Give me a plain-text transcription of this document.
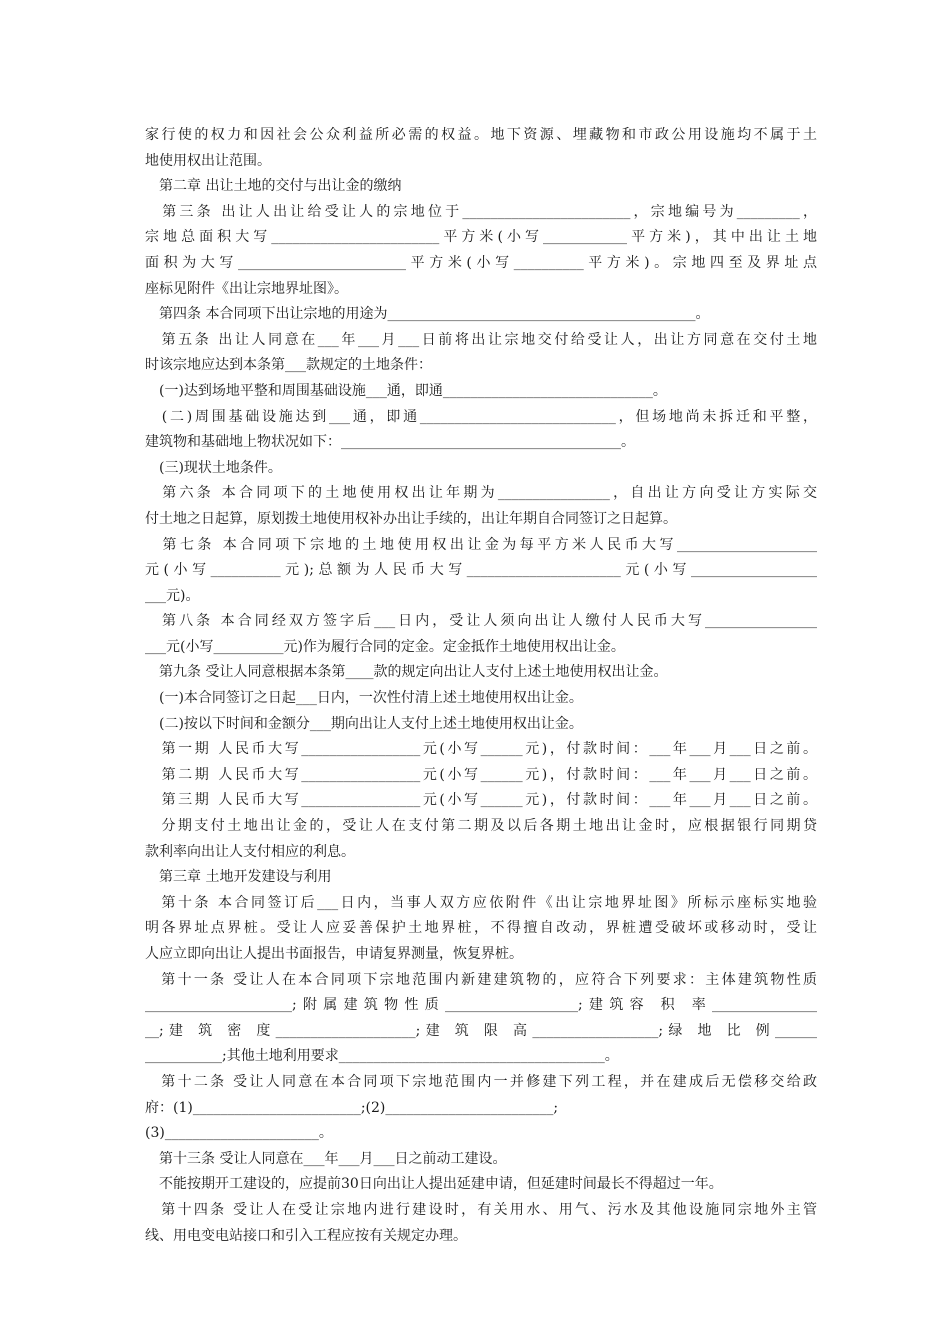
家行使的权力和因社会公众利益所必需的权益。地下资源、埋藏物和市政公用设施均不属于土
地使用权出让范围。
　第二章 出让土地的交付与出让金的缴纳
　第三条 出让人出让给受让人的宗地位于________________________，宗地编号为_________，
宗地总面积大写________________________平方米(小写____________平方米)，其中出让土地
面积为大写________________________平方米(小写__________平方米)。宗地四至及界址点
座标见附件《出让宗地界址图》。
　第四条 本合同项下出让宗地的用途为____________________________________________。
　第五条 出让人同意在___年___月___日前将出让宗地交付给受让人，出让方同意在交付土地
时该宗地应达到本条第___款规定的土地条件：
　(一)达到场地平整和周围基础设施___通，即通______________________________。
　(二)周围基础设施达到___通，即通____________________________，但场地尚未拆迁和平整，
建筑物和基础地上物状况如下：________________________________________。
　(三)现状土地条件。
　第六条 本合同项下的土地使用权出让年期为________________，自出让方向受让方实际交
付土地之日起算，原划拨土地使用权补办出让手续的，出让年期自合同签订之日起算。
　第七条 本合同项下宗地的土地使用权出让金为每平方米人民币大写____________________
元(小写__________元);总额为人民币大写______________________元(小写__________________
___元)。
　第八条 本合同经双方签字后___日内，受让人须向出让人缴付人民币大写________________
___元(小写__________元)作为履行合同的定金。定金抵作土地使用权出让金。
　第九条 受让人同意根据本条第____款的规定向出让人支付上述土地使用权出让金。
　(一)本合同签订之日起___日内，一次性付清上述土地使用权出让金。
　(二)按以下时间和金额分___期向出让人支付上述土地使用权出让金。
　第一期 人民币大写_________________元(小写______元)，付款时间：___年___月___日之前。
　第二期 人民币大写_________________元(小写______元)，付款时间：___年___月___日之前。
　第三期 人民币大写_________________元(小写______元)，付款时间：___年___月___日之前。
　分期支付土地出让金的，受让人在支付第二期及以后各期土地出让金时，应根据银行同期贷
款利率向出让人支付相应的利息。
　第三章 土地开发建设与利用
　第十条 本合同签订后___日内，当事人双方应依附件《出让宗地界址图》所标示座标实地验
明各界址点界桩。受让人应妥善保护土地界桩，不得擅自改动，界桩遭受破坏或移动时，受让
人应立即向出让人提出书面报告，申请复界测量，恢复界桩。
　第十一条 受让人在本合同项下宗地范围内新建建筑物的，应符合下列要求：主体建筑物性质
_____________________;附属建筑物性质___________________;建筑容 积 率_______________
__;建 筑 密 度____________________;建 筑 限 高__________________;绿 地 比 例______
___________;其他土地利用要求______________________________________。
　第十二条 受让人同意在本合同项下宗地范围内一并修建下列工程，并在建成后无偿移交给政
府：(1)________________________;(2)________________________;
(3)______________________。
　第十三条 受让人同意在___年___月___日之前动工建设。
　不能按期开工建设的，应提前30日向出让人提出延建申请，但延建时间最长不得超过一年。
　第十四条 受让人在受让宗地内进行建设时，有关用水、用气、污水及其他设施同宗地外主管
线、用电变电站接口和引入工程应按有关规定办理。
